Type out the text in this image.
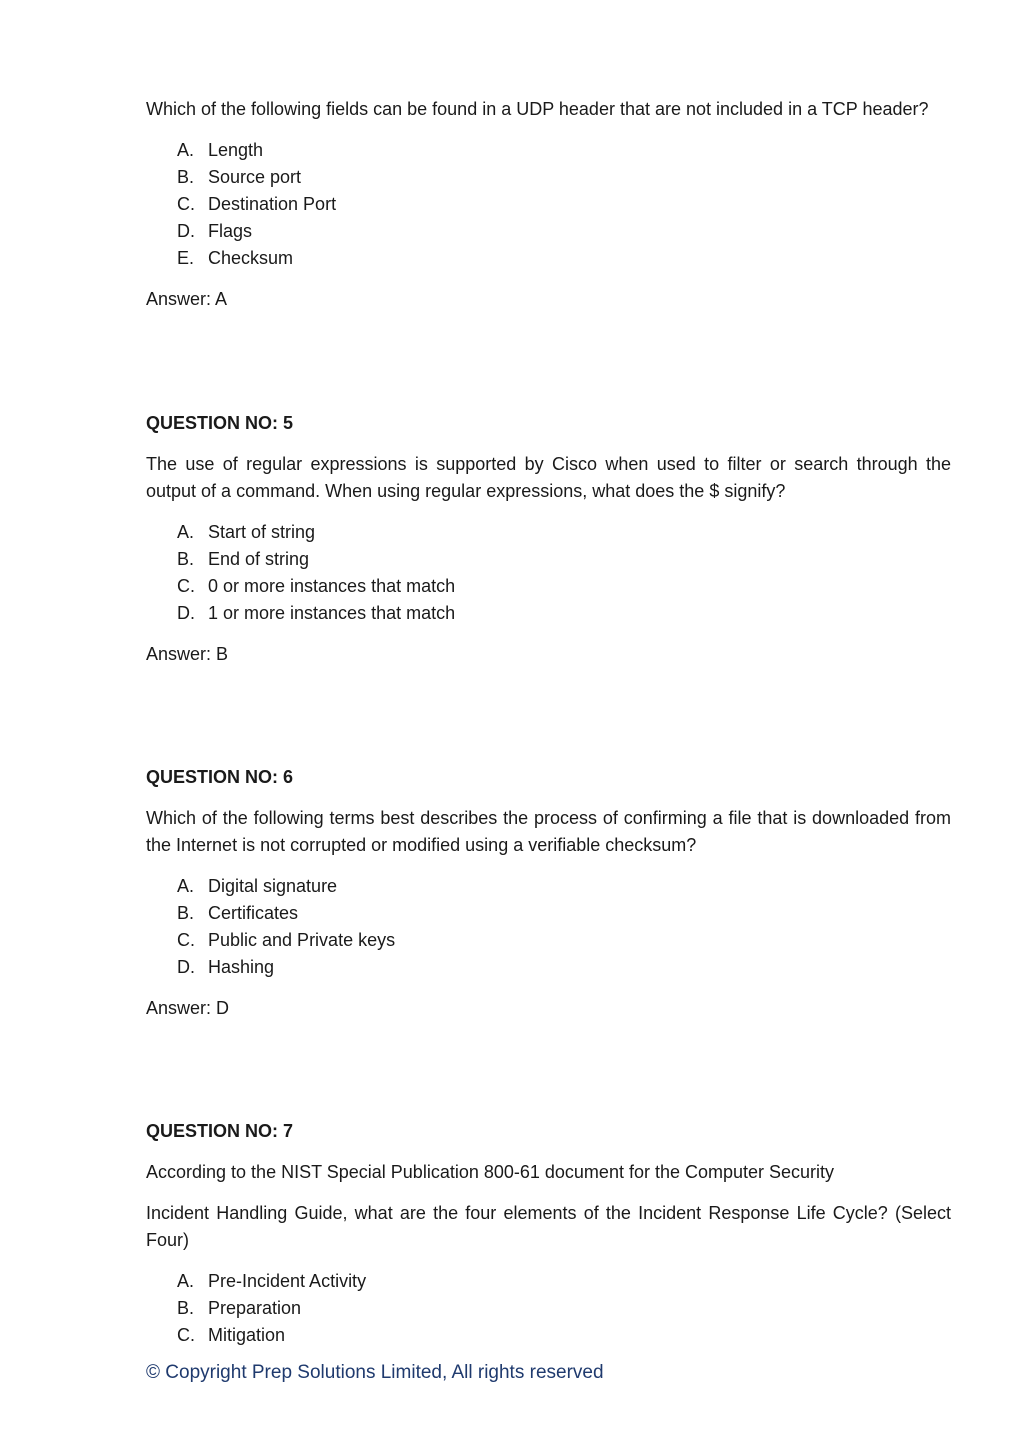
Which of the following fields can be found in a UDP header that are not included in a TCP header?

A. Length
B. Source port
C. Destination Port
D. Flags
E. Checksum

Answer: A

QUESTION NO: 5

The use of regular expressions is supported by Cisco when used to filter or search through the output of a command. When using regular expressions, what does the $ signify?

A. Start of string
B. End of string
C. 0 or more instances that match
D. 1 or more instances that match

Answer: B

QUESTION NO: 6

Which of the following terms best describes the process of confirming a file that is downloaded from the Internet is not corrupted or modified using a verifiable checksum?

A. Digital signature
B. Certificates
C. Public and Private keys
D. Hashing

Answer: D

QUESTION NO: 7

According to the NIST Special Publication 800-61 document for the Computer Security

Incident Handling Guide, what are the four elements of the Incident Response Life Cycle? (Select Four)

A. Pre-Incident Activity
B. Preparation
C. Mitigation
© Copyright Prep Solutions Limited, All rights reserved
